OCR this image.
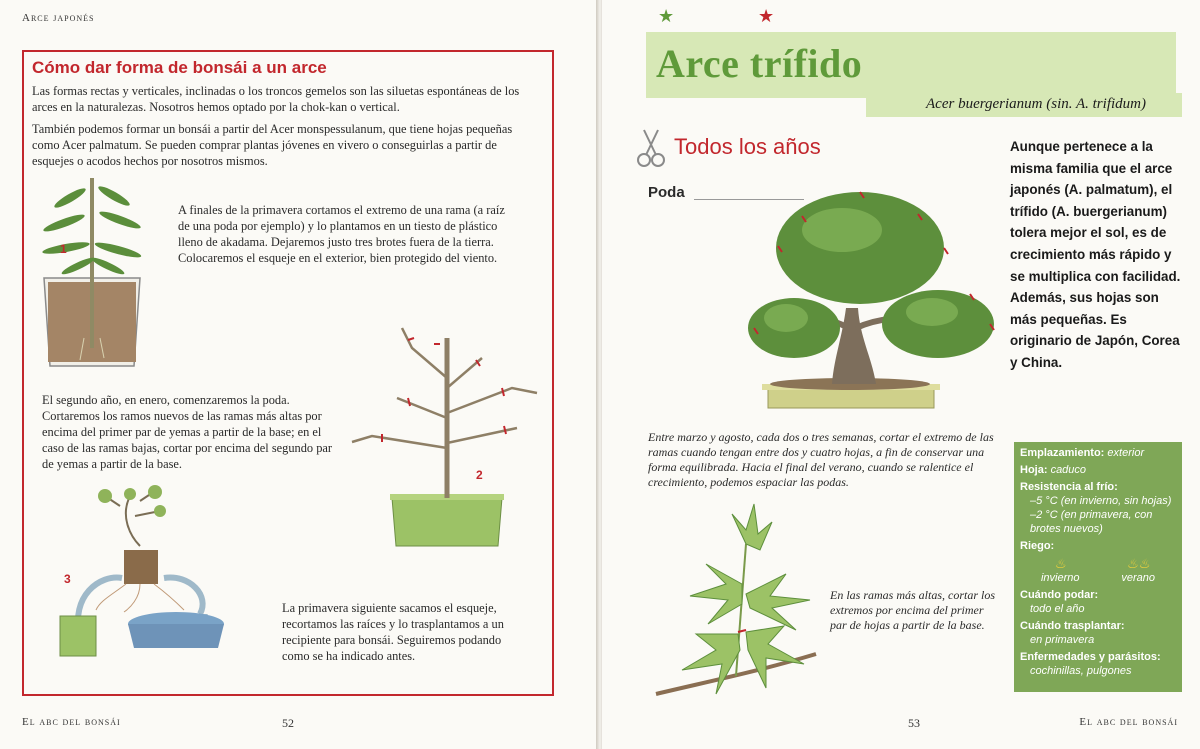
Arce japonés
Cómo dar forma de bonsái a un arce
Las formas rectas y verticales, inclinadas o los troncos gemelos son las siluetas espontáneas de los arces en la naturalezas. Nosotros hemos optado por la chok-kan o vertical.
También podemos formar un bonsái a partir del Acer monspessulanum, que tiene hojas pequeñas como Acer palmatum. Se pueden comprar plantas jóvenes en vivero o conseguirlas a partir de esquejes o acodos hechos por nosotros mismos.
1
A finales de la primavera cortamos el extremo de una rama (a raíz de una poda por ejemplo) y lo plantamos en un tiesto de plástico lleno de akadama. Dejaremos justo tres brotes fuera de la tierra. Colocaremos el esqueje en el exterior, bien protegido del viento.
2
El segundo año, en enero, comenzaremos la poda. Cortaremos los ramos nuevos de las ramas más altas por encima del primer par de yemas a partir de la base; en el caso de las ramas bajas, cortar por encima del segundo par de yemas a partir de la base.
3
La primavera siguiente sacamos el esqueje, recortamos las raíces y lo trasplantamos a un recipiente para bonsái. Seguiremos podando como se ha indicado antes.
El abc del bonsái	52
★	★
Arce trífido
Acer buergerianum (sin. A. trifidum)
Todos los años
Poda
Aunque pertenece a la misma familia que el arce japonés (A. palmatum), el trífido (A. buergerianum) tolera mejor el sol, es de crecimiento más rápido y se multiplica con facilidad. Además, sus hojas son más pequeñas. Es originario de Japón, Corea y China.
Entre marzo y agosto, cada dos o tres semanas, cortar el extremo de las ramas cuando tengan entre dos y cuatro hojas, a fin de conservar una forma equilibrada. Hacia el final del verano, cuando se ralentice el crecimiento, podemos espaciar las podas.
En las ramas más altas, cortar los extremos por encima del primer par de hojas a partir de la base.
Emplazamiento: exterior
Hoja: caduco
Resistencia al frío:
–5 °C (en invierno, sin hojas)
–2 °C (en primavera, con brotes nuevos)
Riego:
♨
invierno
♨♨
verano
Cuándo podar:
todo el año
Cuándo trasplantar:
en primavera
Enfermedades y parásitos:
cochinillas, pulgones
53	El abc del bonsái
